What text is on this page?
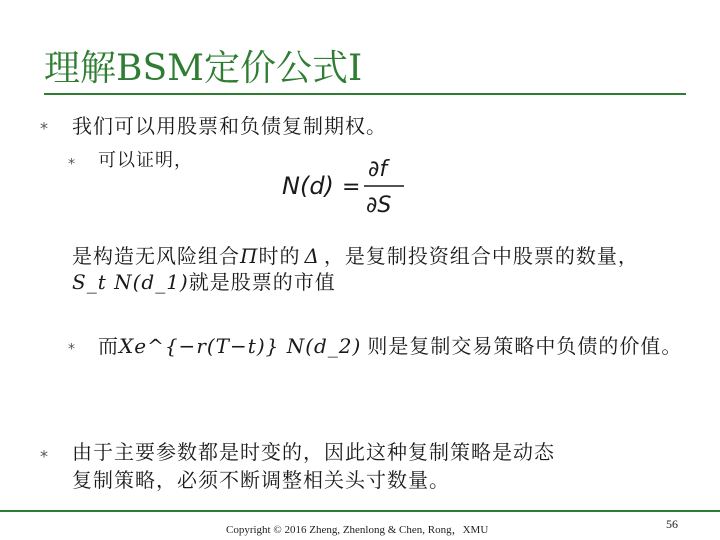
理解BSM定价公式I
⁎ 我们可以用股票和负债复制期权。
⁎ 可以证明，
N(d) =
∂f
∂S
是构造无风险组合Π时的 Δ ，是复制投资组合中股票的数量，
S_t N(d_1)就是股票的市值
⁎ 而Xe^{−r(T−t)} N(d_2) 则是复制交易策略中负债的价值。
⁎ 由于主要参数都是时变的，因此这种复制策略是动态
复制策略，必须不断调整相关头寸数量。
Copyright © 2016 Zheng, Zhenlong & Chen, Rong，XMU	56
